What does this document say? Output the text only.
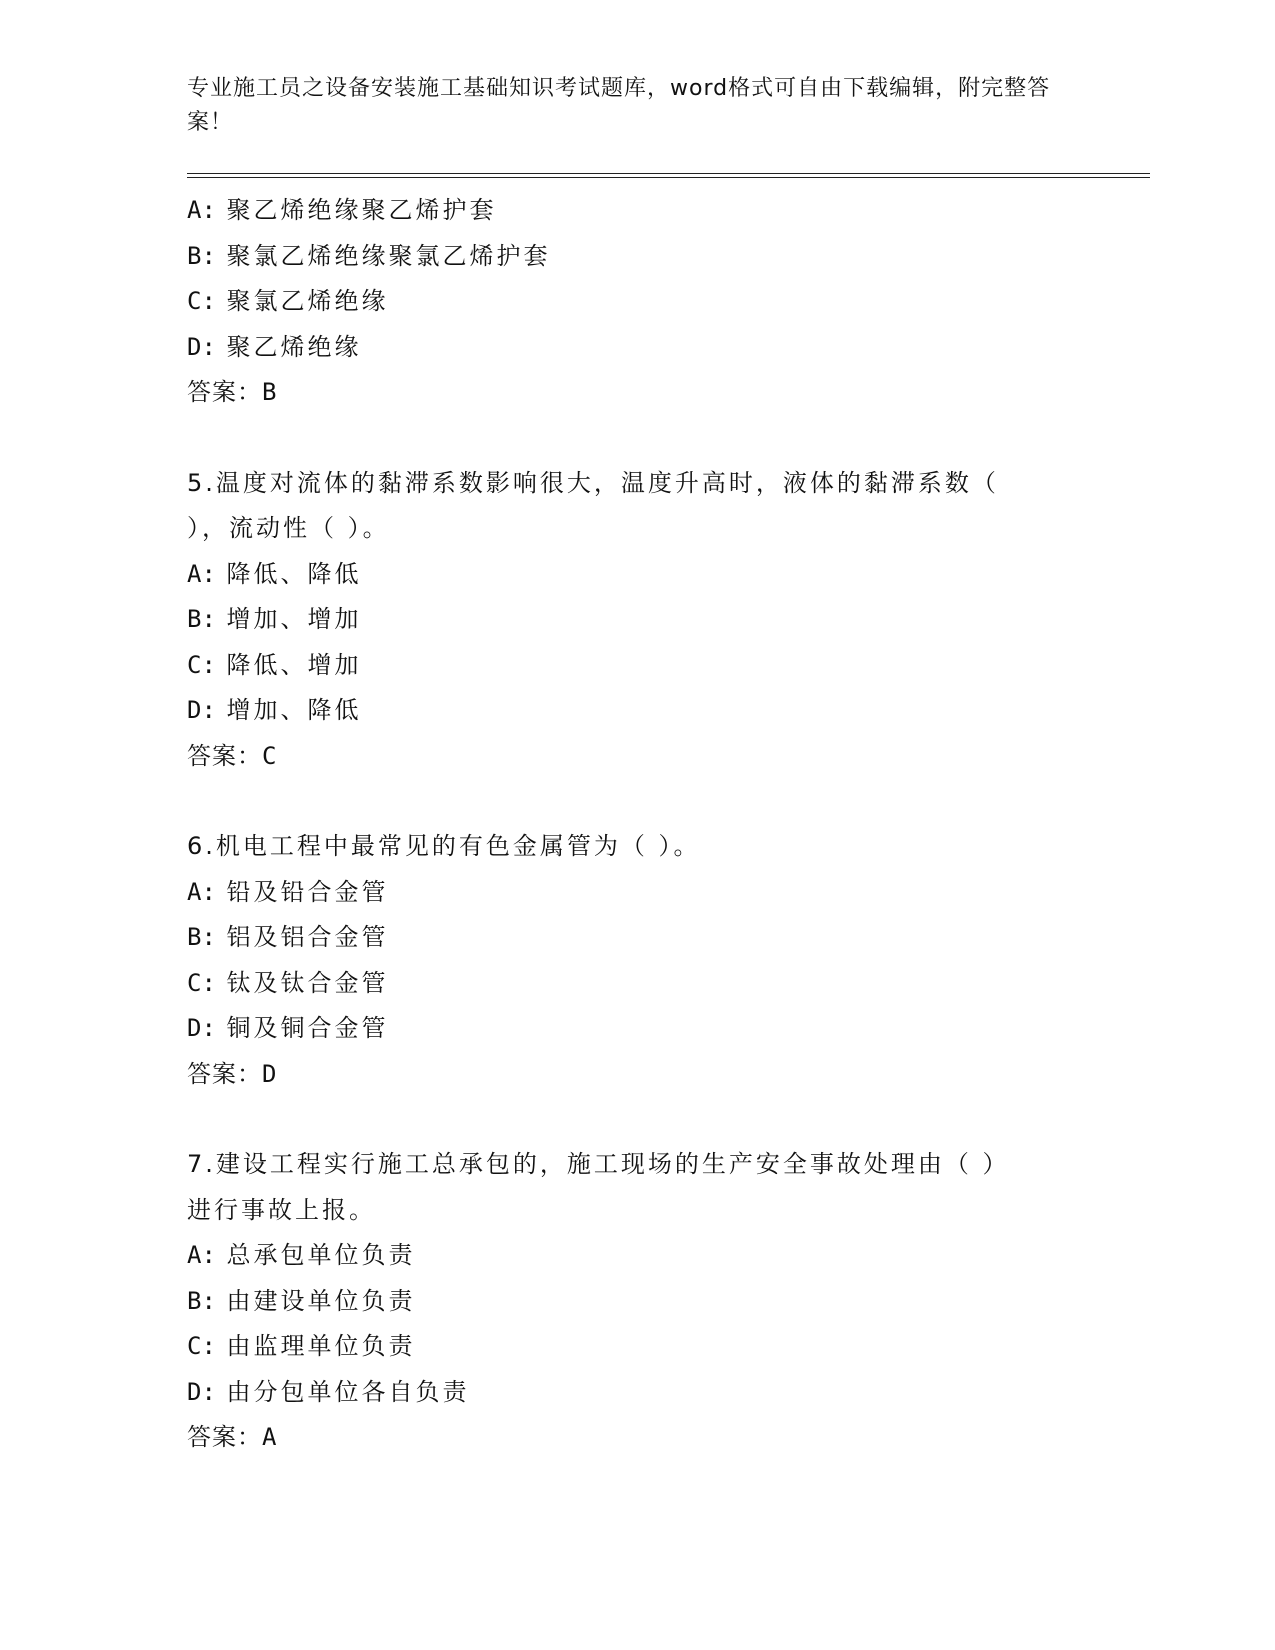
专业施工员之设备安装施工基础知识考试题库，word格式可自由下载编辑，附完整答案！
A: 聚乙烯绝缘聚乙烯护套
B: 聚氯乙烯绝缘聚氯乙烯护套
C: 聚氯乙烯绝缘
D: 聚乙烯绝缘
答案：B
5.温度对流体的黏滞系数影响很大，温度升高时，液体的黏滞系数（
），流动性（ ）。
A: 降低、降低
B: 增加、增加
C: 降低、增加
D: 增加、降低
答案：C
6.机电工程中最常见的有色金属管为（ ）。
A: 铅及铅合金管
B: 铝及铝合金管
C: 钛及钛合金管
D: 铜及铜合金管
答案：D
7.建设工程实行施工总承包的，施工现场的生产安全事故处理由（ ）
进行事故上报。
A: 总承包单位负责
B: 由建设单位负责
C: 由监理单位负责
D: 由分包单位各自负责
答案：A
